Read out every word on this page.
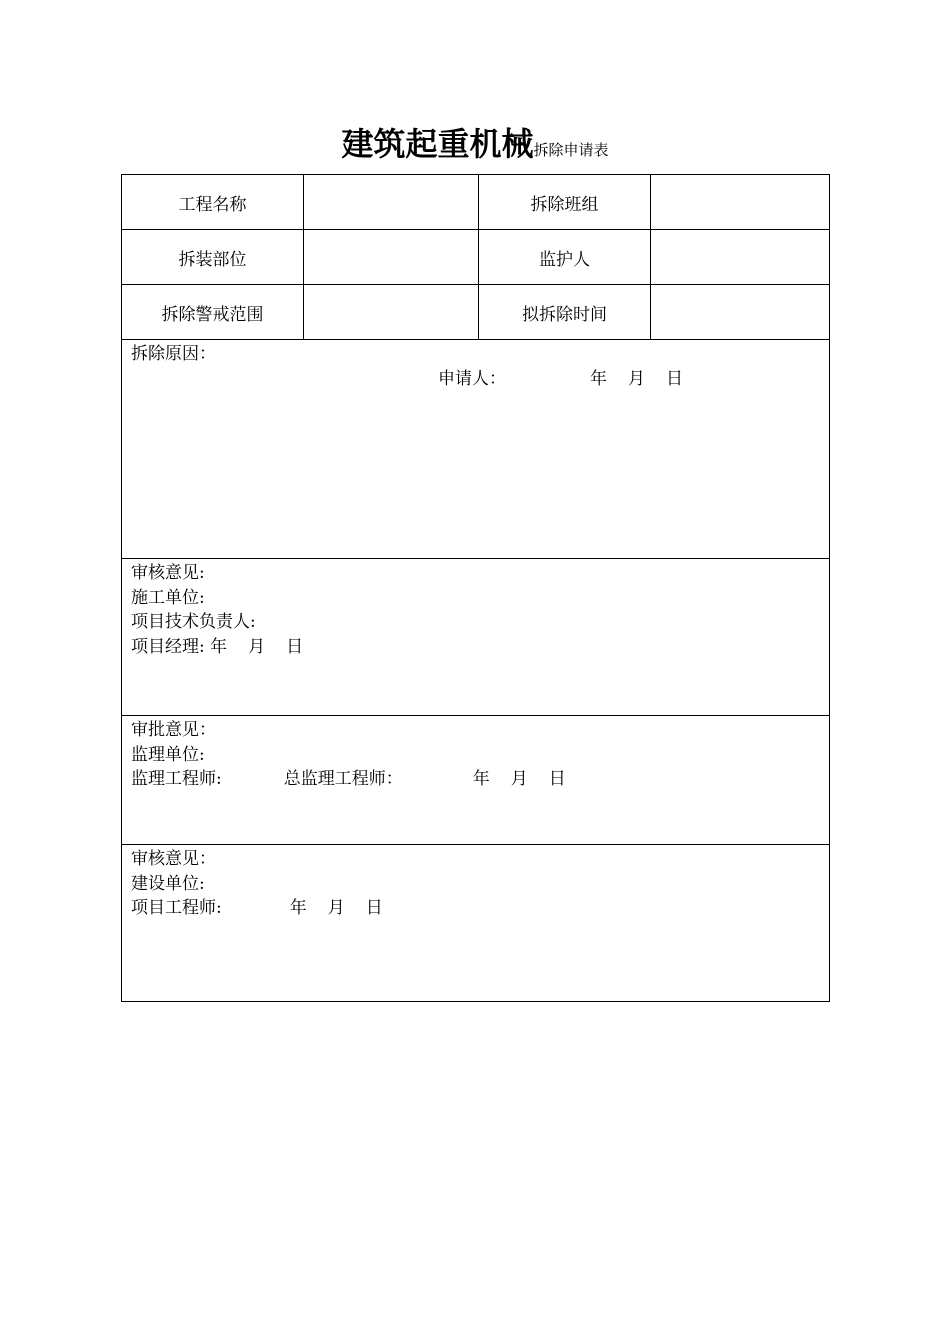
建筑起重机械拆除申请表
工程名称		拆除班组	
拆装部位		监护人	
拆除警戒范围		拟拆除时间	

拆除原因：
申请人： 年 月 日			

审核意见:
施工单位:
项目技术负责人:
项目经理: 年 月 日			

审批意见：
监理单位:
监理工程师: 总监理工程师： 年 月 日			

审核意见：
建设单位:
项目工程师: 年 月 日			
